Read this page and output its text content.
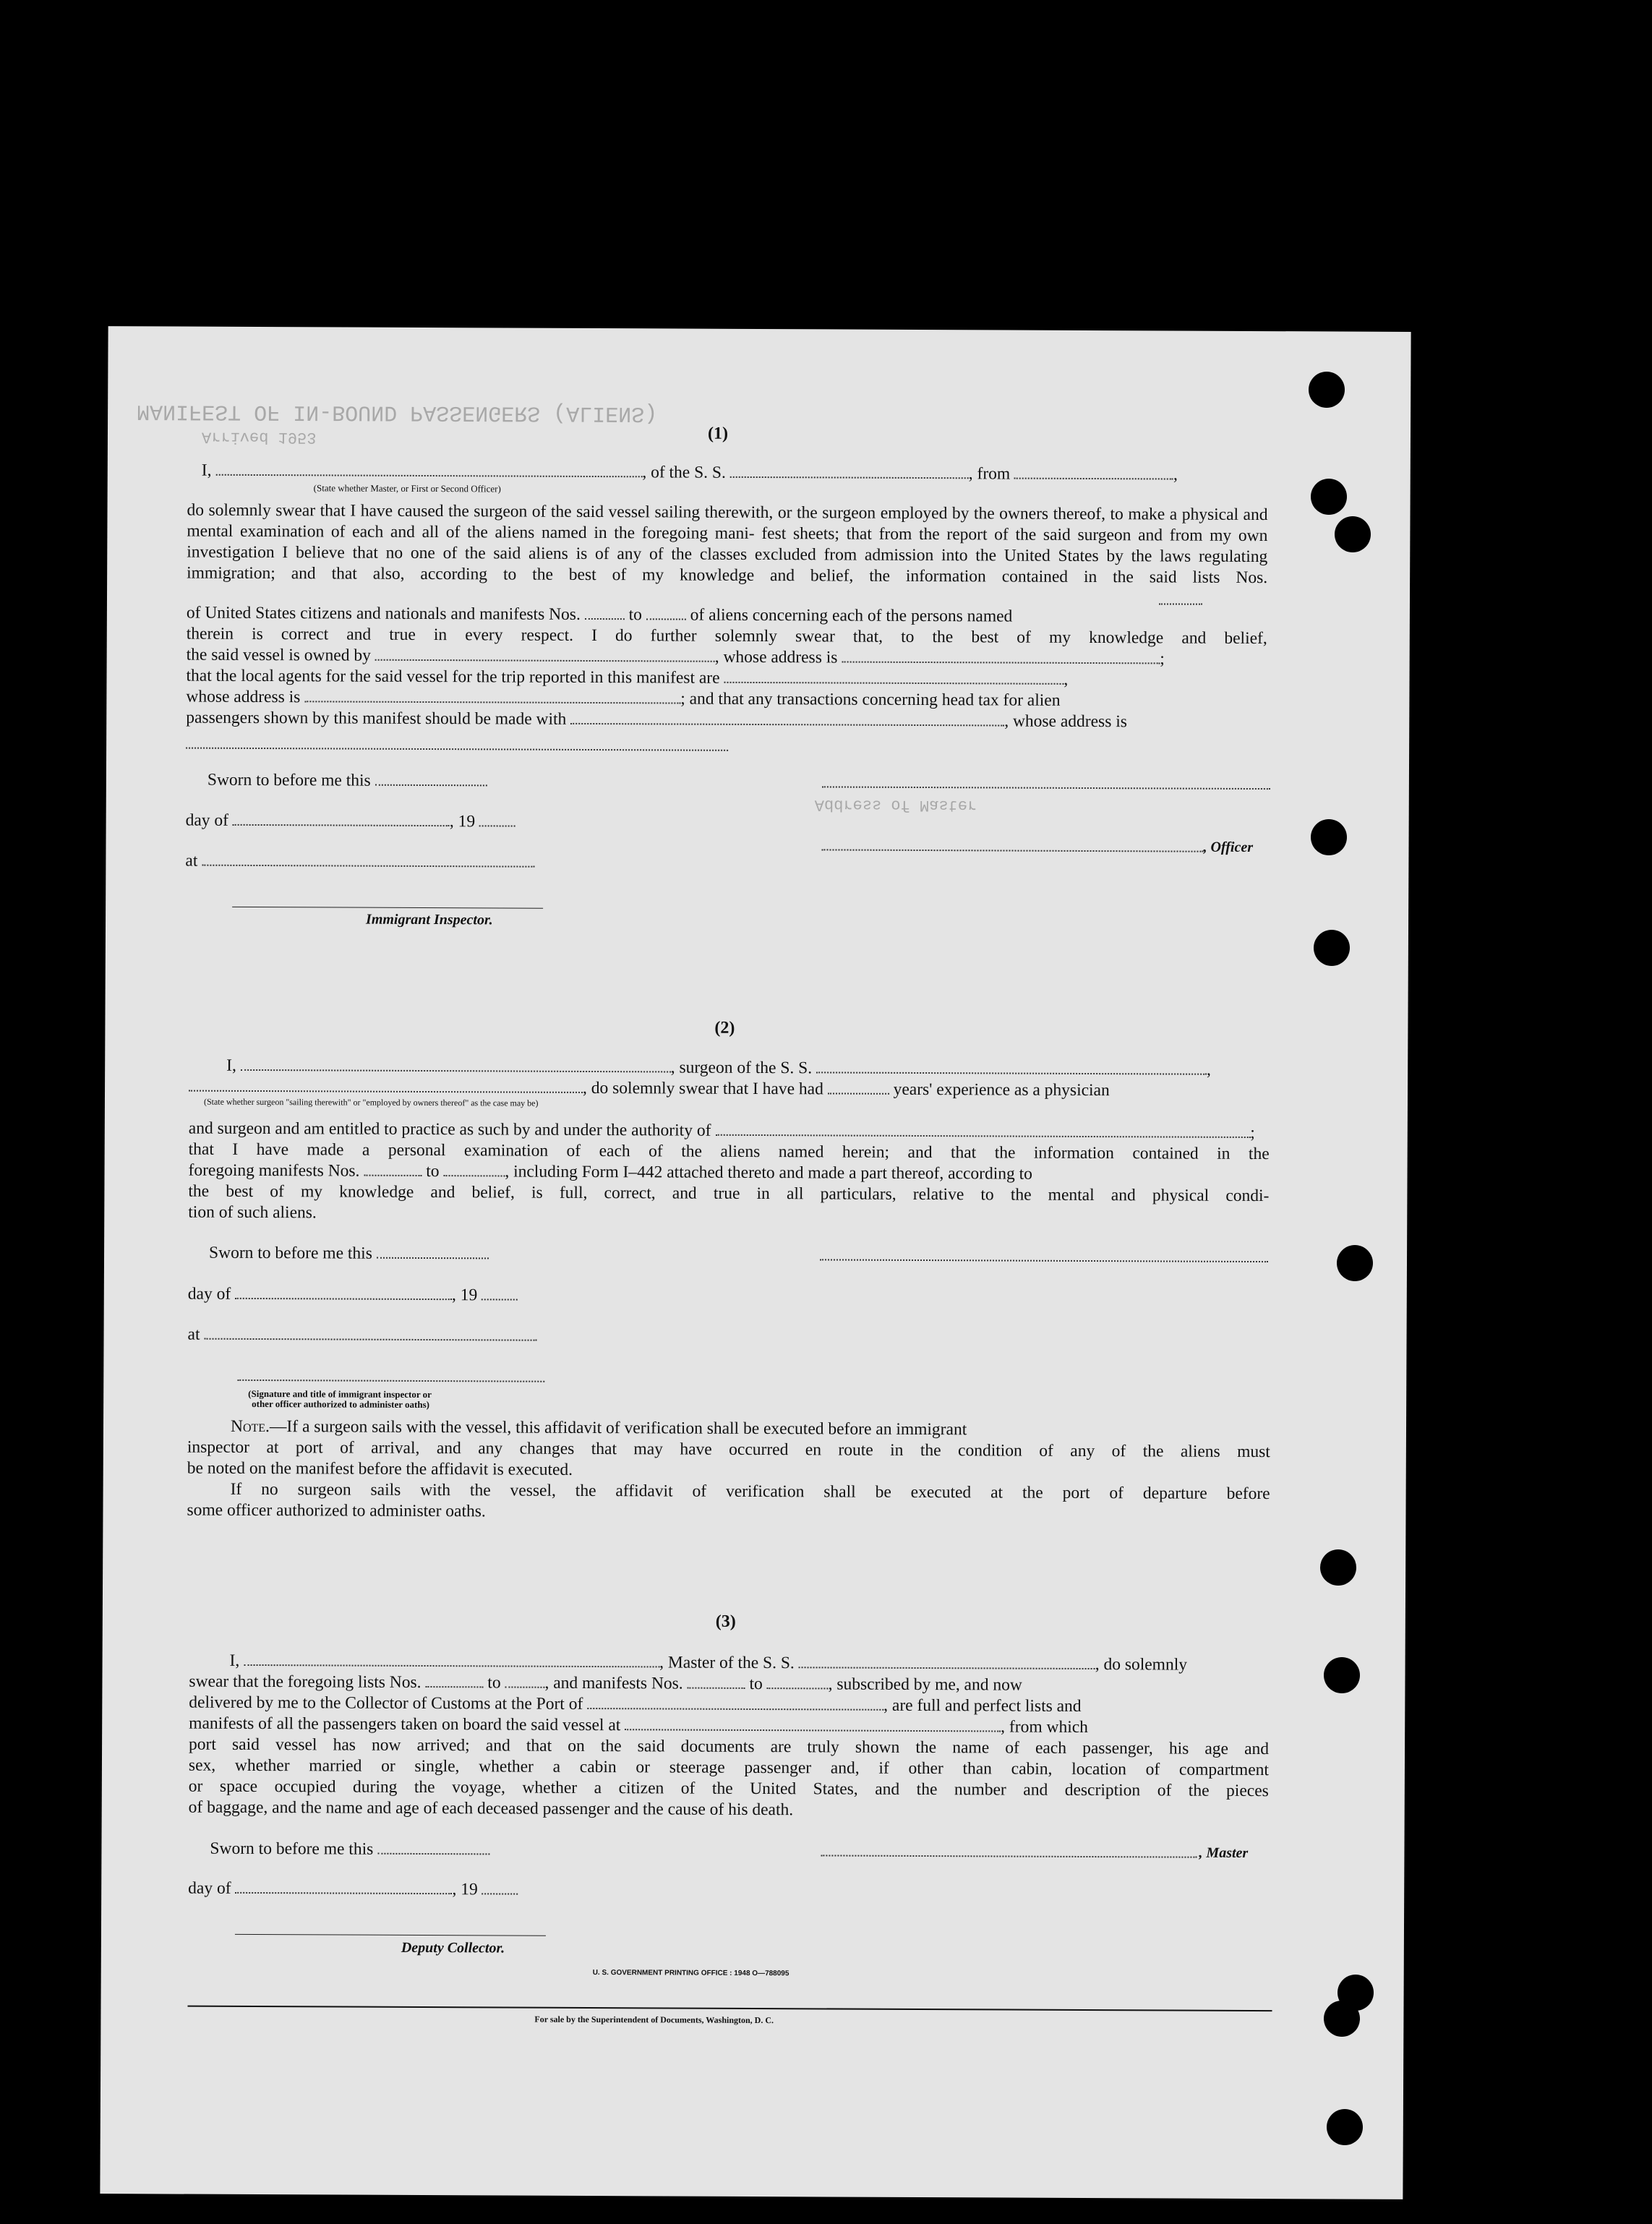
MANIFEST OF IN-BOUND PASSENGERS (ALIENS)
Address of Master
Arrived 1953	(1)
I,	, of the S. S.	, from	,
(State whether Master, or First or Second Officer)
do solemnly swear that I have caused the surgeon of the said vessel sailing therewith, or the surgeon employed by the owners thereof, to make a physical and mental examination of each and all of the aliens named in the foregoing mani- fest sheets; that from the report of the said surgeon and from my own investigation I believe that no one of the said aliens is of any of the classes excluded from admission into the United States by the laws regulating immigration; and that also, according to the best of my knowledge and belief, the information contained in the said lists Nos.
of United States citizens and nationals and manifests Nos.	to	of aliens concerning each of the persons named
therein is correct and true in every respect. I do further solemnly swear that, to the best of my knowledge and belief,
the said vessel is owned by	, whose address is	;
that the local agents for the said vessel for the trip reported in this manifest are	,
whose address is	; and that any transactions concerning head tax for alien
passengers shown by this manifest should be made with	, whose address is
Sworn to before me this
day of	, 19
at
, Officer
Immigrant Inspector.
(2)
I,	, surgeon of the S. S.	,
, do solemnly swear that I have had	years' experience as a physician
(State whether surgeon "sailing therewith" or "employed by owners thereof" as the case may be)
and surgeon and am entitled to practice as such by and under the authority of	;
that I have made a personal examination of each of the aliens named herein; and that the information contained in the
foregoing manifests Nos.	to	, including Form I–442 attached thereto and made a part thereof, according to
the best of my knowledge and belief, is full, correct, and true in all particulars, relative to the mental and physical condi-
tion of such aliens.
Sworn to before me this
day of	, 19
at
(Signature and title of immigrant inspector or
other officer authorized to administer oaths)
Note.—If a surgeon sails with the vessel, this affidavit of verification shall be executed before an immigrant
inspector at port of arrival, and any changes that may have occurred en route in the condition of any of the aliens must
be noted on the manifest before the affidavit is executed.
If no surgeon sails with the vessel, the affidavit of verification shall be executed at the port of departure before
some officer authorized to administer oaths.
(3)
I,	, Master of the S. S.	, do solemnly
swear that the foregoing lists Nos.	to	, and manifests Nos.	to	, subscribed by me, and now
delivered by me to the Collector of Customs at the Port of	, are full and perfect lists and
manifests of all the passengers taken on board the said vessel at	, from which
port said vessel has now arrived; and that on the said documents are truly shown the name of each passenger, his age and
sex, whether married or single, whether a cabin or steerage passenger and, if other than cabin, location of compartment
or space occupied during the voyage, whether a citizen of the United States, and the number and description of the pieces
of baggage, and the name and age of each deceased passenger and the cause of his death.
Sworn to before me this	, Master
day of	, 19
Deputy Collector.
U. S. GOVERNMENT PRINTING OFFICE : 1948 O—788095
For sale by the Superintendent of Documents, Washington, D. C.
